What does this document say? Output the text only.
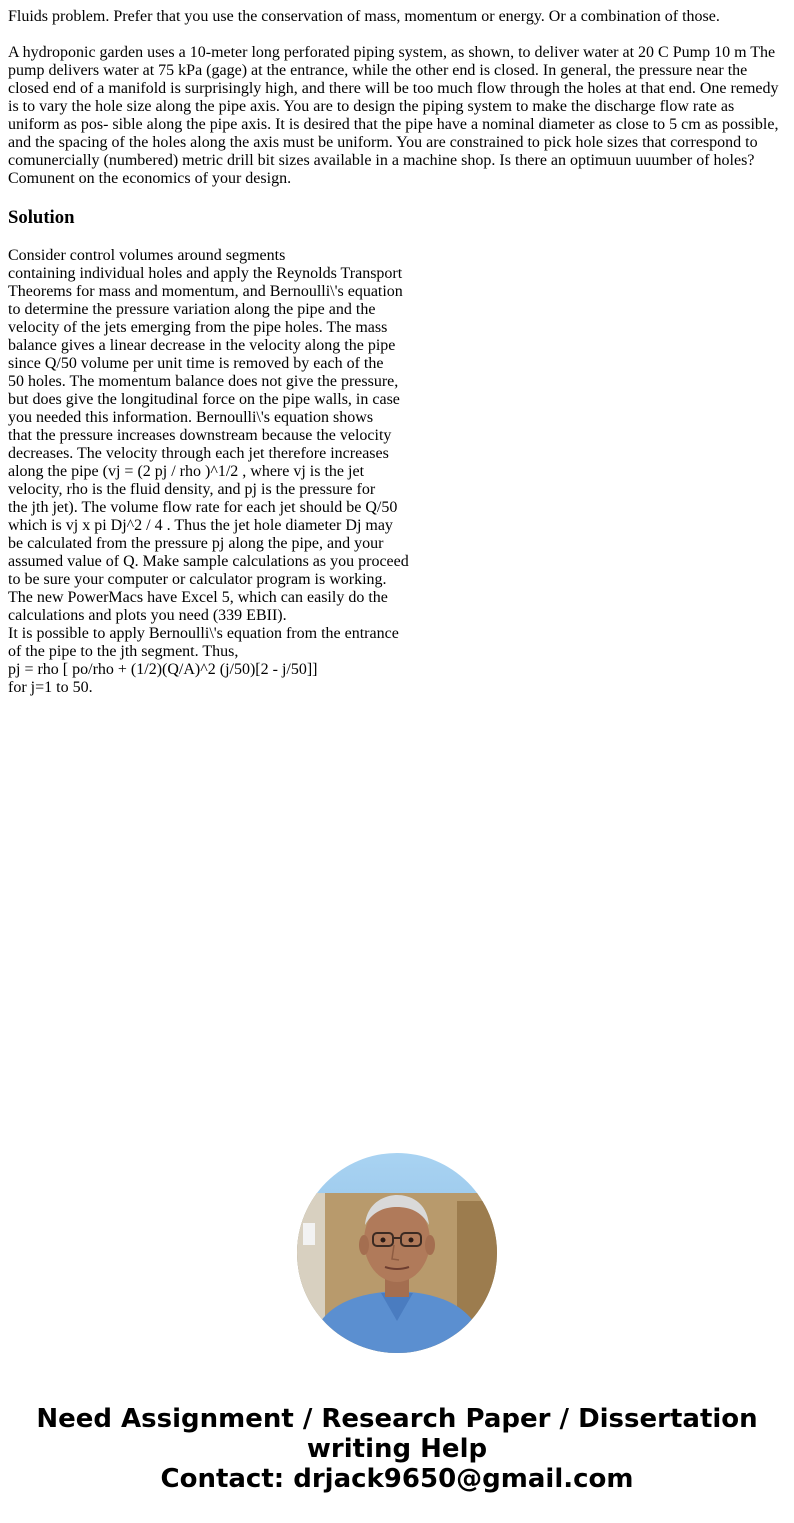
Fluids problem. Prefer that you use the conservation of mass, momentum or energy. Or a combination of those.

A hydroponic garden uses a 10-meter long perforated piping system, as shown, to deliver water at 20 C Pump 10 m The pump delivers water at 75 kPa (gage) at the entrance, while the other end is closed. In general, the pressure near the closed end of a manifold is surprisingly high, and there will be too much flow through the holes at that end. One remedy is to vary the hole size along the pipe axis. You are to design the piping system to make the discharge flow rate as uniform as pos- sible along the pipe axis. It is desired that the pipe have a nominal diameter as close to 5 cm as possible, and the spacing of the holes along the axis must be uniform. You are constrained to pick hole sizes that correspond to comunercially (numbered) metric drill bit sizes available in a machine shop. Is there an optimuun uuumber of holes? Comunent on the economics of your design.

Solution
Consider control volumes around segments
containing individual holes and apply the Reynolds Transport
Theorems for mass and momentum, and Bernoulli\'s equation
to determine the pressure variation along the pipe and the
velocity of the jets emerging from the pipe holes. The mass
balance gives a linear decrease in the velocity along the pipe
since Q/50 volume per unit time is removed by each of the
50 holes. The momentum balance does not give the pressure,
but does give the longitudinal force on the pipe walls, in case
you needed this information. Bernoulli\'s equation shows
that the pressure increases downstream because the velocity
decreases. The velocity through each jet therefore increases
along the pipe (vj = (2 pj / rho )^1/2 , where vj is the jet
velocity, rho is the fluid density, and pj is the pressure for
the jth jet). The volume flow rate for each jet should be Q/50
which is vj x pi Dj^2 / 4 . Thus the jet hole diameter Dj may
be calculated from the pressure pj along the pipe, and your
assumed value of Q. Make sample calculations as you proceed
to be sure your computer or calculator program is working.
The new PowerMacs have Excel 5, which can easily do the
calculations and plots you need (339 EBII).
It is possible to apply Bernoulli\'s equation from the entrance
of the pipe to the jth segment. Thus,
pj = rho [ po/rho + (1/2)(Q/A)^2 (j/50)[2 - j/50]]
for j=1 to 50.
Need Assignment / Research Paper / Dissertation
writing Help
Contact: drjack9650@gmail.com
